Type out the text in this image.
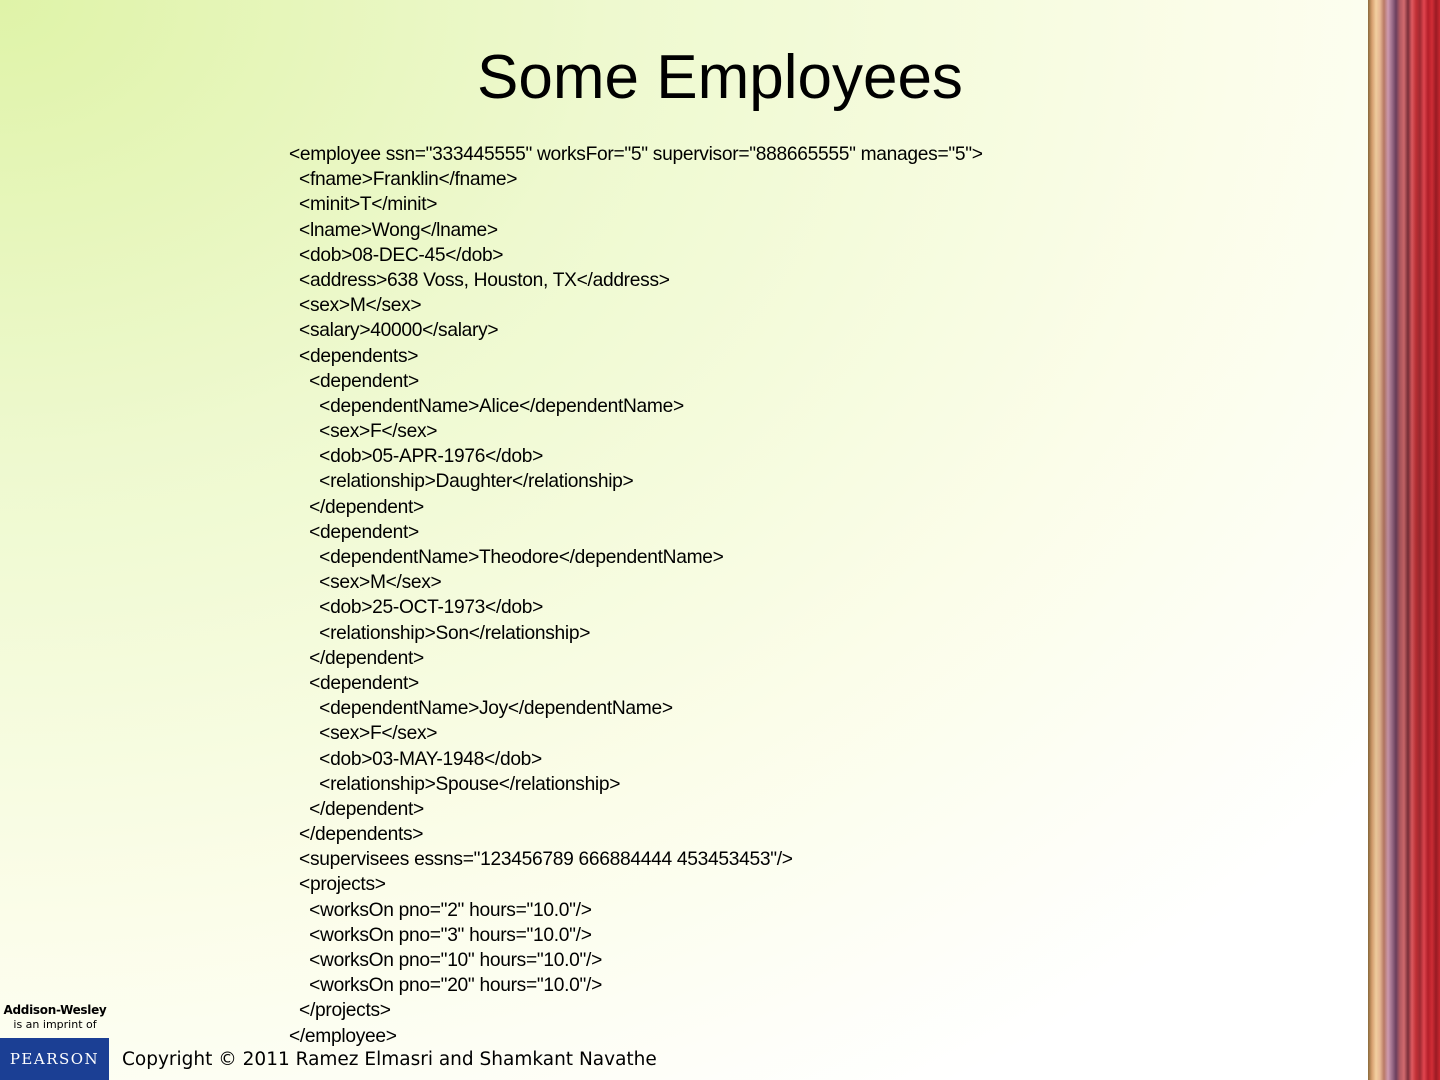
Some Employees
<employee ssn="333445555" worksFor="5" supervisor="888665555" manages="5">
<fname>Franklin</fname>
<minit>T</minit>
<lname>Wong</lname>
<dob>08-DEC-45</dob>
<address>638 Voss, Houston, TX</address>
<sex>M</sex>
<salary>40000</salary>
<dependents>
<dependent>
<dependentName>Alice</dependentName>
<sex>F</sex>
<dob>05-APR-1976</dob>
<relationship>Daughter</relationship>
</dependent>
<dependent>
<dependentName>Theodore</dependentName>
<sex>M</sex>
<dob>25-OCT-1973</dob>
<relationship>Son</relationship>
</dependent>
<dependent>
<dependentName>Joy</dependentName>
<sex>F</sex>
<dob>03-MAY-1948</dob>
<relationship>Spouse</relationship>
</dependent>
</dependents>
<supervisees essns="123456789 666884444 453453453"/>
<projects>
<worksOn pno="2" hours="10.0"/>
<worksOn pno="3" hours="10.0"/>
<worksOn pno="10" hours="10.0"/>
<worksOn pno="20" hours="10.0"/>
</projects>
</employee>
Addison-Wesley
is an imprint of
PEARSON	Copyright © 2011 Ramez Elmasri and Shamkant Navathe
